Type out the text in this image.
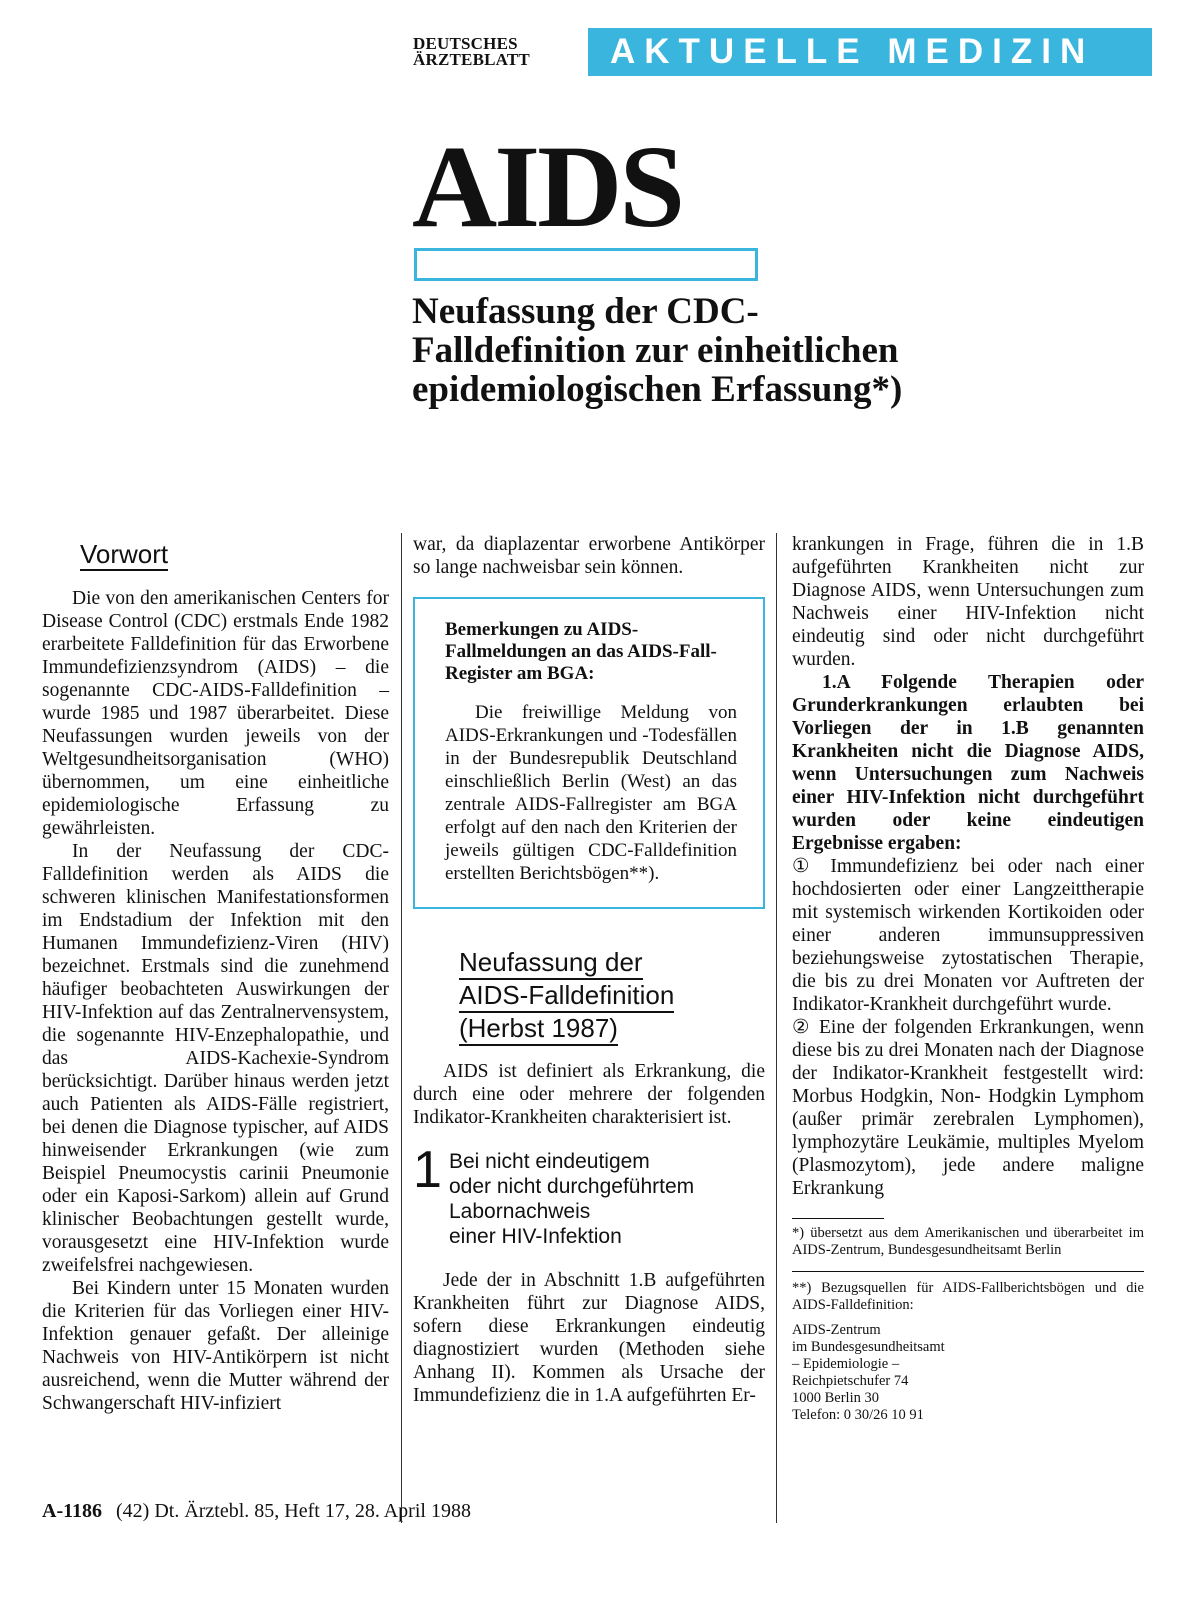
DEUTSCHES
ÄRZTEBLATT	AKTUELLE MEDIZIN
AIDS
Neufassung der CDC-Falldefinition zur einheitlichen epidemiologischen Erfassung*)
Vorwort

Die von den amerikanischen Centers for Disease Control (CDC) erstmals Ende 1982 erarbeitete Falldefinition für das Erworbene Immundefizienzsyndrom (AIDS) – die sogenannte CDC-AIDS-Falldefinition – wurde 1985 und 1987 überarbeitet. Diese Neufassungen wurden jeweils von der Weltgesundheitsorganisation (WHO) übernommen, um eine einheitliche epidemiologische Erfassung zu gewährleisten.

In der Neufassung der CDC-Falldefinition werden als AIDS die schweren klinischen Manifestationsformen im Endstadium der Infektion mit den Humanen Immundefizienz-Viren (HIV) bezeichnet. Erstmals sind die zunehmend häufiger beobachteten Auswirkungen der HIV-Infektion auf das Zentralnervensystem, die sogenannte HIV-Enzephalopathie, und das AIDS-Kachexie-Syndrom berücksichtigt. Darüber hinaus werden jetzt auch Patienten als AIDS-Fälle registriert, bei denen die Diagnose typischer, auf AIDS hinweisender Erkrankungen (wie zum Beispiel Pneumocystis carinii Pneumonie oder ein Kaposi-Sarkom) allein auf Grund klinischer Beobachtungen gestellt wurde, vorausgesetzt eine HIV-Infektion wurde zweifelsfrei nachgewiesen.

Bei Kindern unter 15 Monaten wurden die Kriterien für das Vorliegen einer HIV-Infektion genauer gefaßt. Der alleinige Nachweis von HIV-Antikörpern ist nicht ausreichend, wenn die Mutter während der Schwangerschaft HIV-infiziert

war, da diaplazentar erworbene Antikörper so lange nachweisbar sein können.

Bemerkungen zu AIDS-Fallmeldungen an das AIDS-Fall-Register am BGA:

Die freiwillige Meldung von AIDS-Erkrankungen und -Todesfällen in der Bundesrepublik Deutschland einschließlich Berlin (West) an das zentrale AIDS-Fallregister am BGA erfolgt auf den nach den Kriterien der jeweils gültigen CDC-Falldefinition erstellten Berichtsbögen**).

Neufassung der
AIDS-Falldefinition
(Herbst 1987)

AIDS ist definiert als Erkrankung, die durch eine oder mehrere der folgenden Indikator-Krankheiten charakterisiert ist.

1 Bei nicht eindeutigem
oder nicht durchgeführtem
Labornachweis
einer HIV-Infektion

Jede der in Abschnitt 1.B aufgeführten Krankheiten führt zur Diagnose AIDS, sofern diese Erkrankungen eindeutig diagnostiziert wurden (Methoden siehe Anhang II). Kommen als Ursache der Immundefizienz die in 1.A aufgeführten Er-

krankungen in Frage, führen die in 1.B aufgeführten Krankheiten nicht zur Diagnose AIDS, wenn Untersuchungen zum Nachweis einer HIV-Infektion nicht eindeutig sind oder nicht durchgeführt wurden.

1.A Folgende Therapien oder Grunderkrankungen erlaubten bei Vorliegen der in 1.B genannten Krankheiten nicht die Diagnose AIDS, wenn Untersuchungen zum Nachweis einer HIV-Infektion nicht durchgeführt wurden oder keine eindeutigen Ergebnisse ergaben:

① Immundefizienz bei oder nach einer hochdosierten oder einer Langzeittherapie mit systemisch wirkenden Kortikoiden oder einer anderen immunsuppressiven beziehungsweise zytostatischen Therapie, die bis zu drei Monaten vor Auftreten der Indikator-Krankheit durchgeführt wurde.

② Eine der folgenden Erkrankungen, wenn diese bis zu drei Monaten nach der Diagnose der Indikator-Krankheit festgestellt wird: Morbus Hodgkin, Non- Hodgkin Lymphom (außer primär zerebralen Lymphomen), lymphozytäre Leukämie, multiples Myelom (Plasmozytom), jede andere maligne Erkrankung

*) übersetzt aus dem Amerikanischen und überarbeitet im AIDS-Zentrum, Bundesgesundheitsamt Berlin

**) Bezugsquellen für AIDS-Fallberichtsbögen und die AIDS-Falldefinition:

AIDS-Zentrum
im Bundesgesundheitsamt
– Epidemiologie –
Reichpietschufer 74
1000 Berlin 30
Telefon: 0 30/26 10 91
A-1186 (42) Dt. Ärztebl. 85, Heft 17, 28. April 1988
